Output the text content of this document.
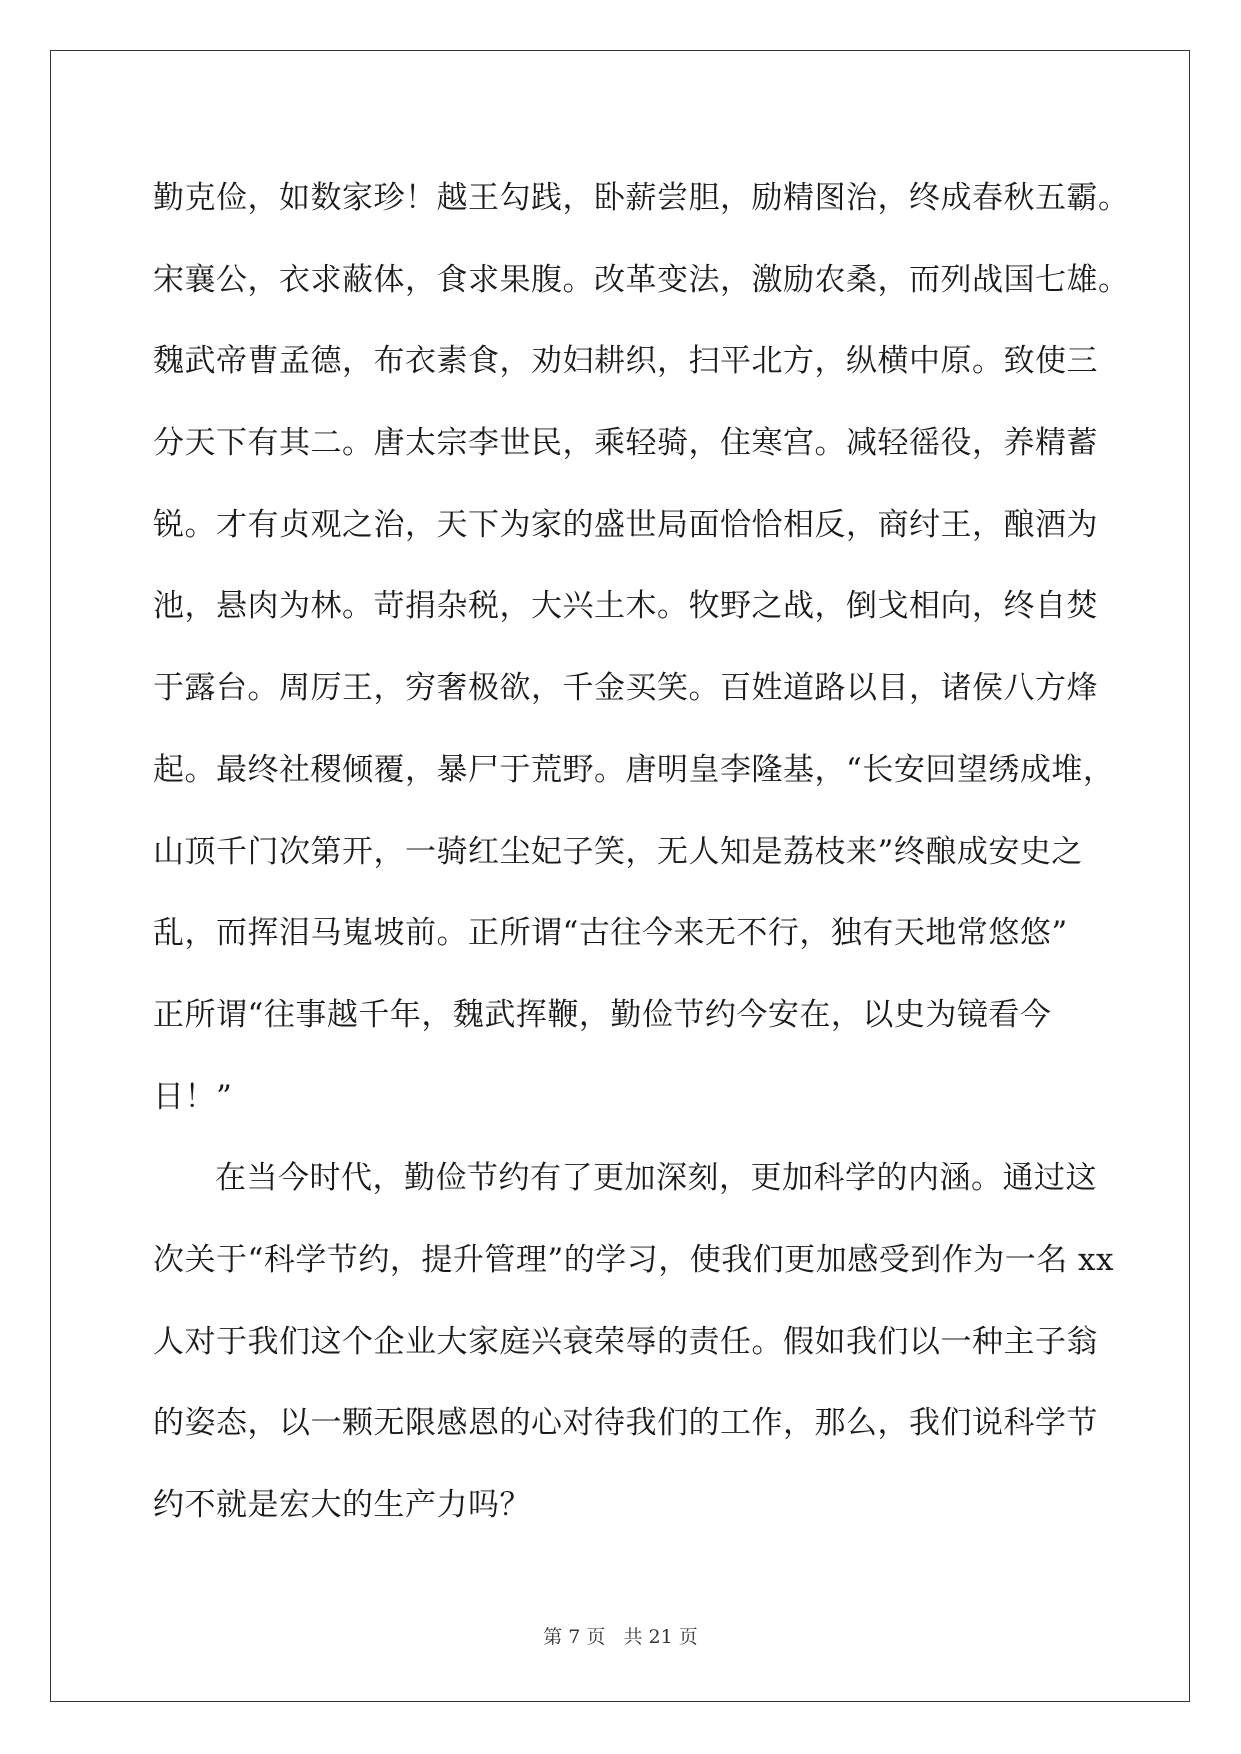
勤克俭，如数家珍！越王勾践，卧薪尝胆，励精图治，终成春秋五霸。
宋襄公，衣求蔽体，食求果腹。改革变法，激励农桑，而列战国七雄。
魏武帝曹孟德，布衣素食，劝妇耕织，扫平北方，纵横中原。致使三
分天下有其二。唐太宗李世民，乘轻骑，住寒宫。减轻徭役，养精蓄
锐。才有贞观之治，天下为家的盛世局面恰恰相反，商纣王，酿酒为
池，悬肉为林。苛捐杂税，大兴土木。牧野之战，倒戈相向，终自焚
于露台。周厉王，穷奢极欲，千金买笑。百姓道路以目，诸侯八方烽
起。最终社稷倾覆，暴尸于荒野。唐明皇李隆基，“长安回望绣成堆，
山顶千门次第开，一骑红尘妃子笑，无人知是荔枝来”终酿成安史之
乱，而挥泪马嵬坡前。正所谓“古往今来无不行，独有天地常悠悠”
正所谓“往事越千年，魏武挥鞭，勤俭节约今安在，以史为镜看今
日！”
在当今时代，勤俭节约有了更加深刻，更加科学的内涵。通过这
次关于“科学节约，提升管理”的学习，使我们更加感受到作为一名 xx
人对于我们这个企业大家庭兴衰荣辱的责任。假如我们以一种主子翁
的姿态，以一颗无限感恩的心对待我们的工作，那么，我们说科学节
约不就是宏大的生产力吗？
第 7 页 共 21 页
